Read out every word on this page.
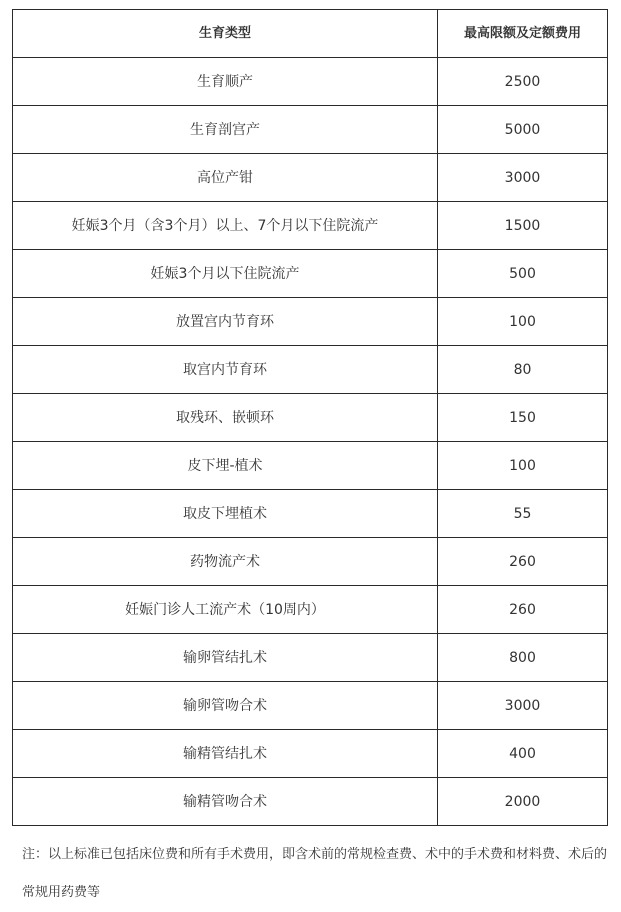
生育类型	最高限额及定额费用
生育顺产	2500
生育剖宫产	5000
高位产钳	3000
妊娠3个月（含3个月）以上、7个月以下住院流产	1500
妊娠3个月以下住院流产	500
放置宫内节育环	100
取宫内节育环	80
取残环、嵌顿环	150
皮下埋-植术	100
取皮下埋植术	55
药物流产术	260
妊娠门诊人工流产术（10周内）	260
输卵管结扎术	800
输卵管吻合术	3000
输精管结扎术	400
输精管吻合术	2000
注：以上标准已包括床位费和所有手术费用，即含术前的常规检查费、术中的手术费和材料费、术后的常规用药费等
